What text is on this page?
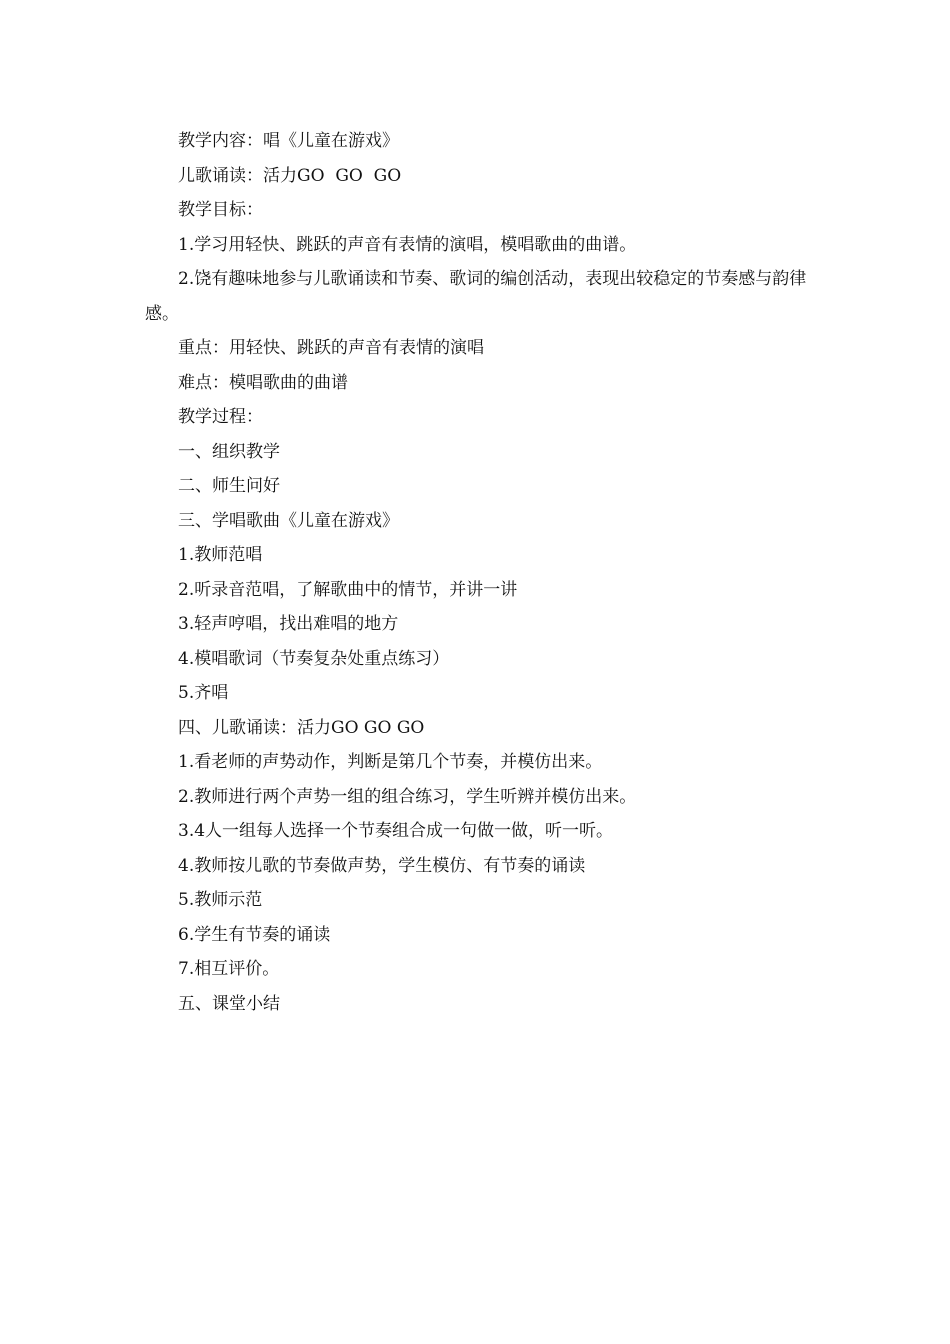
教学内容：唱《儿童在游戏》

儿歌诵读：活力GO  GO  GO

教学目标：

1.学习用轻快、跳跃的声音有表情的演唱，模唱歌曲的曲谱。

2.饶有趣味地参与儿歌诵读和节奏、歌词的编创活动，表现出较稳定的节奏感与韵律感。

重点：用轻快、跳跃的声音有表情的演唱

难点：模唱歌曲的曲谱

教学过程：

一、组织教学

二、师生问好

三、学唱歌曲《儿童在游戏》

1.教师范唱

2.听录音范唱，了解歌曲中的情节，并讲一讲

3.轻声哼唱，找出难唱的地方

4.模唱歌词（节奏复杂处重点练习）

5.齐唱

四、儿歌诵读：活力GO GO GO

1.看老师的声势动作，判断是第几个节奏，并模仿出来。

2.教师进行两个声势一组的组合练习，学生听辨并模仿出来。

3.4人一组每人选择一个节奏组合成一句做一做，听一听。

4.教师按儿歌的节奏做声势，学生模仿、有节奏的诵读

5.教师示范

6.学生有节奏的诵读

7.相互评价。

五、课堂小结
